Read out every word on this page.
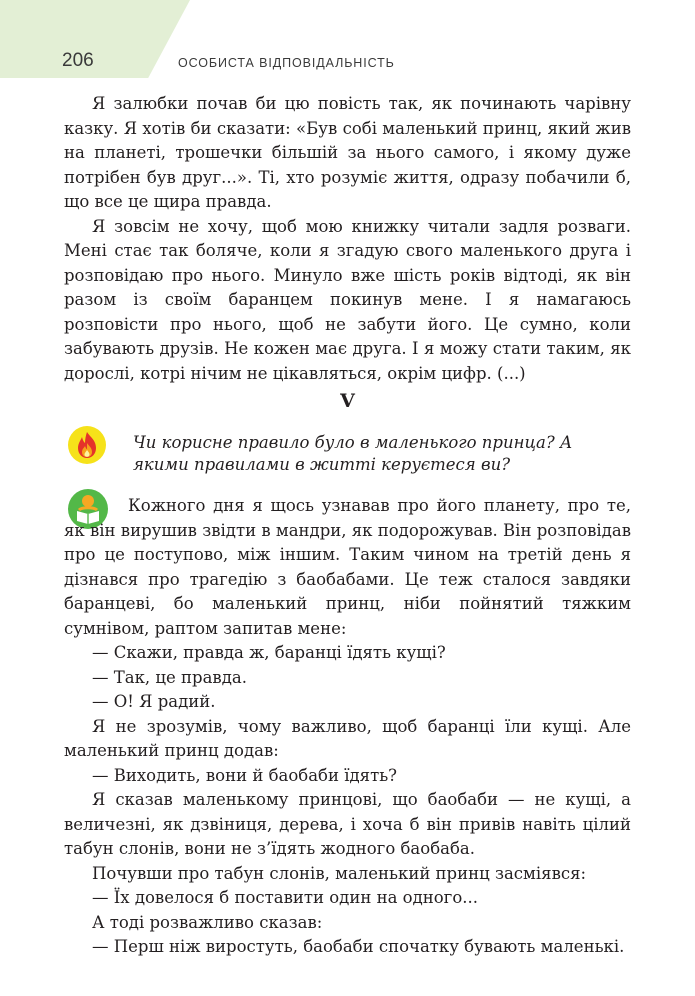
206	ОСОБИСТА ВІДПОВІДАЛЬНІСТЬ

Я залюбки почав би цю повість так, як починають чарівну казку. Я хотів би сказати: «Був собі маленький принц, який жив на планеті, трошечки більшій за нього самого, і якому дуже потрібен був друг...». Ті, хто розуміє життя, одразу побачили б, що все це щира правда.

Я зовсім не хочу, щоб мою книжку читали задля розваги. Мені стає так боляче, коли я згадую свого маленького друга і розповідаю про нього. Минуло вже шість років відтоді, як він разом із своїм баранцем покинув мене. І я намагаюсь розповісти про нього, щоб не забути його. Це сумно, коли забувають друзів. Не кожен має друга. І я можу стати таким, як дорослі, котрі нічим не цікавляться, окрім цифр. (...)

V
Чи корисне правило було в маленького принца? А якими правилами в житті керуєтеся ви?

Кожного дня я щось узнавав про його планету, про те, як він вирушив звідти в мандри, як подорожував. Він розповідав про це поступово, між іншим. Таким чином на третій день я дізнався про трагедію з баобабами. Це теж сталося завдяки баранцеві, бо маленький принц, ніби пойнятий тяжким сумнівом, раптом запитав мене:

— Скажи, правда ж, баранці їдять кущі?

— Так, це правда.

— О! Я радий.

Я не зрозумів, чому важливо, щоб баранці їли кущі. Але маленький принц додав:

— Виходить, вони й баобаби їдять?

Я сказав маленькому принцові, що баобаби — не кущі, а величезні, як дзвіниця, дерева, і хоча б він привів навіть цілий табун слонів, вони не з’їдять жодного баобаба.

Почувши про табун слонів, маленький принц засміявся:

— Їх довелося б поставити один на одного...

А тоді розважливо сказав:

— Перш ніж виростуть, баобаби спочатку бувають маленькі.
